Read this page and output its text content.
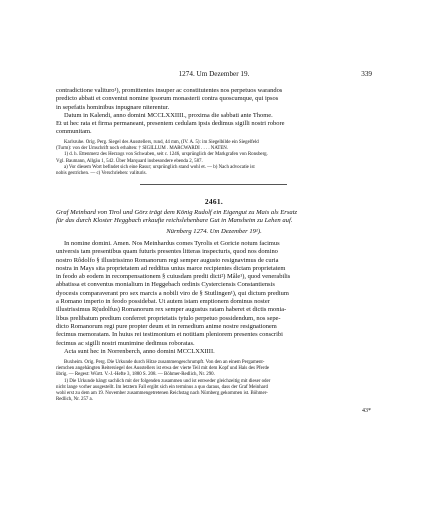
1274. Um Dezember 19.	339

contradictione valituro¹), promittentes insuper ac constitutentes nos perpetuos warandos

predicto abbati et conventui nomine ipsorum monasterii contra quoscumque, qui ipsos

in sepefatis hominibus inpugnare niterentur.

Datum in Kalendi, anno domini MCCLXXIIII., proxima die sabbati ante Thome.

Et ut hec rata et firma permaneant, presentem cedulam ipsis dedimus sigilli nostri robore

communitam.

Karlsruhe. Orig. Perg. Siegel des Ausstellers, rund, 44 mm, (IV. A. 5): im Siegelbilde ein Siegelfeld

(Turm): von der Umschrift noch erhalten: † SIGILLUM . MARCWARDI . . . . NATEN.

1) d. h. Ettenmerz des Herzogs von Schwaben, seit c. 1246, ursprünglich der Markgrafen von Ronsberg.

Vgl. Baumann, Allgäu 1, 542. Über Marquard insbesondere ebenda 2, 587.

a) Vor diesem Wort befindet sich eine Rasur; ursprünglich stand wohl et. — b) Nach advocatie ist

nobis gestrichen. — c) Verschrieben: valituris.

2461.

Graf Meinhard von Tirol und Görz trägt dem König Rudolf ein Eigengut zu Mais als Ersatz

für das durch Kloster Heggbach erkaufte reichslehenbare Gut in Mansheim zu Lehen auf.

Nürnberg 1274. Um Dezember 19¹).

In nomine domini. Amen. Nos Meinhardus comes Tyrolis et Goricie notum facimus

universis tam presentibus quam futuris presentes litteras inspecturis, quod nos domino

nostro Rôdolfo § illustrissimo Romanorum regi semper augusto resignavimus de curia

nostra in Mays sita proprietatem ad redditus unius marce recipientes dictam proprietatem

in feodo ab eodem in recompensationem § cuiusdam predii dicti²) Mâle¹), quod venerabilis

abbatissa et conventus monialium in Heggebach ordinis Cysterciensis Constantiensis

dyocesis comparaverant pro sex marcis a nobili viro de § Stutlingen¹), qui dictum predium

a Romano imperio in feodo possidebat. Ut autem istam emptionem dominus noster

illustrissimus R(udolfus) Romanorum rex semper augustus ratam haberet et dictis monia-

libus prelibatum predium conferret proprietatis tytulo perpetuo possidendum, nos sepe-

dicto Romanorum regi pure propter deum et in remedium anime nostre resignationem

fecimus memoratam. In huius rei testimonium et notitiam pleniorem presentes conscribi

fecimus ac sigilli nostri munimine dedimus roboratas.

Acta sunt hec in Norrenberch, anno domini MCCLXXIIII.

Buxheim. Orig. Perg. Die Urkunde durch Hitze zusammengeschrumpft. Von den an einem Pergament-

riemchen angehängten Reitersiegel des Ausstellers ist etwa der vierte Teil mit dem Kopf und Hals des Pferde

übrig. — Regest: Württ. V.-J.-Hefte 3, 1880 S. 208. — Böhmer-Redlich, Nr. 290.

1) Die Urkunde hängt sachlich mit der folgenden zusammen und ist entweder gleichzeitig mit dieser oder

nicht lange vorher ausgestellt. Im letztern Fall ergibt sich ein terminus a quo daraus, dass der Graf Meinhard

wohl erst zu dem am 19. November zusammengetretenen Reichstag nach Nürnberg gekommen ist. Böhmer-

Redlich, Nr. 257 a.

43*
